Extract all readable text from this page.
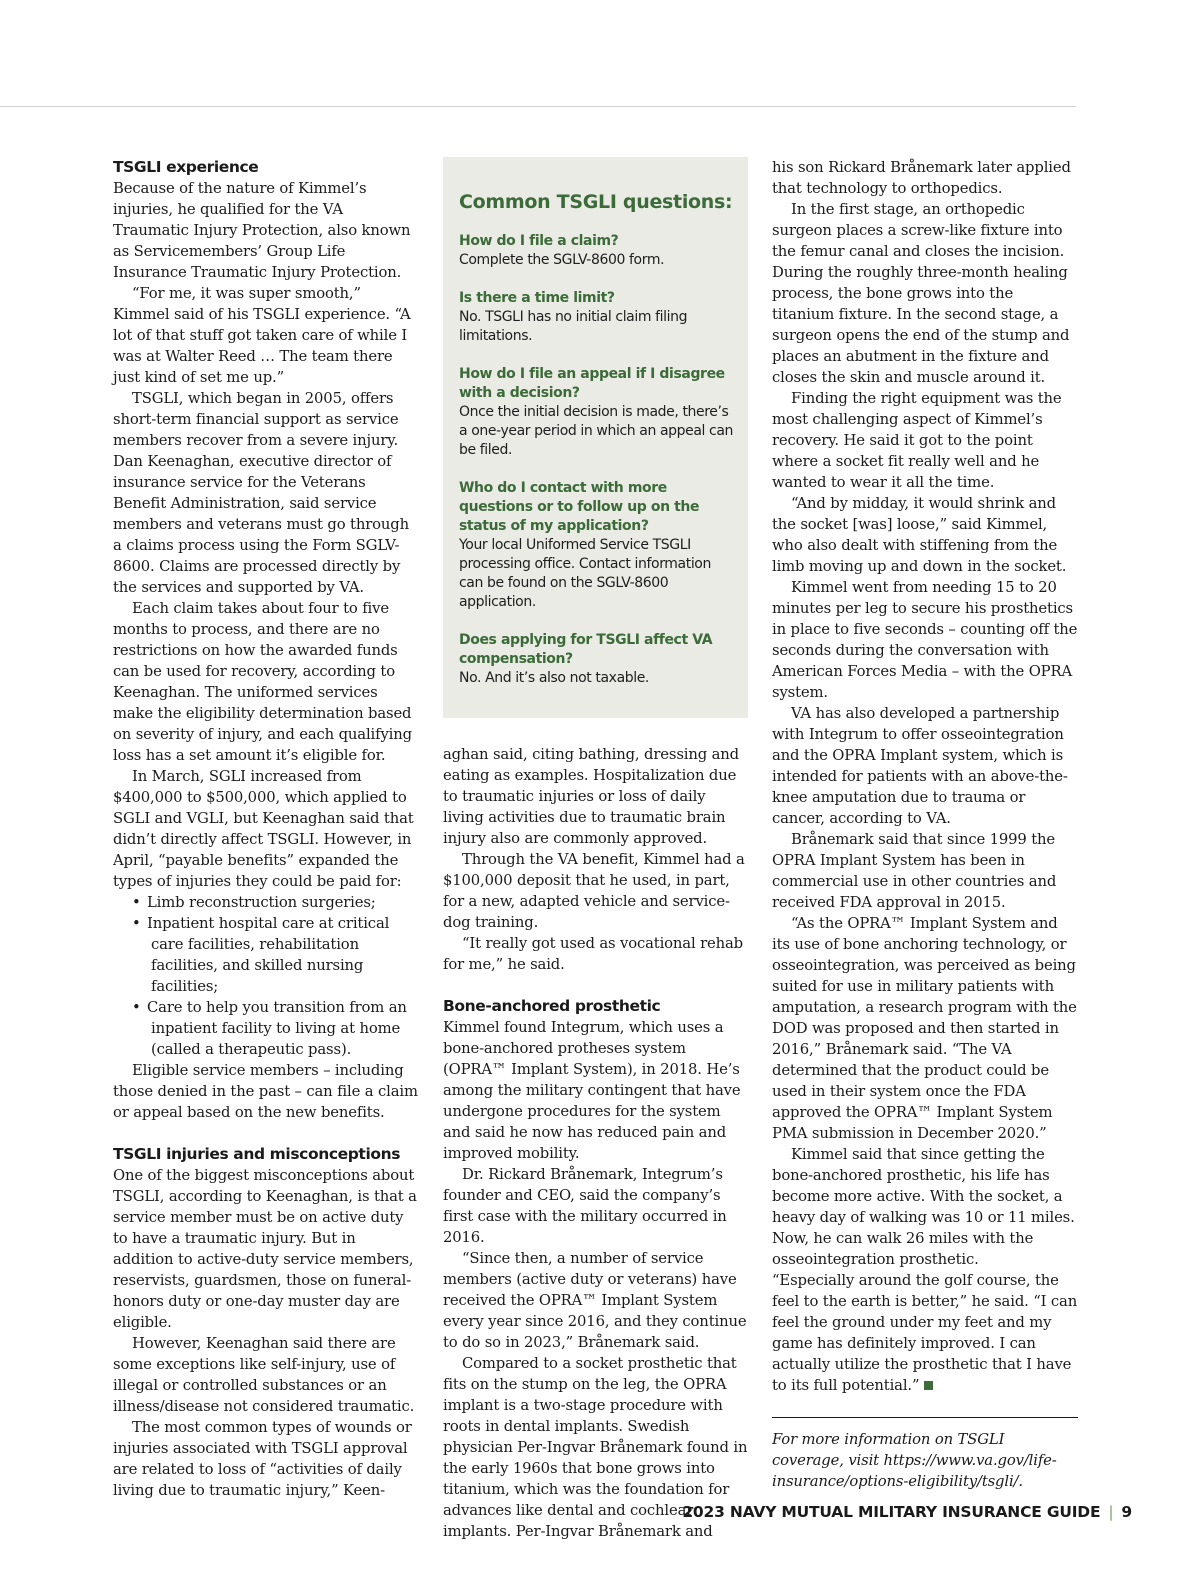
TSGLI experience

Because of the nature of Kimmel’s injuries, he qualified for the VA Traumatic Injury Protection, also known as Servicemembers’ Group Life Insurance Traumatic Injury Protection.

“For me, it was super smooth,” Kimmel said of his TSGLI experience. “A lot of that stuff got taken care of while I was at Walter Reed … The team there just kind of set me up.”

TSGLI, which began in 2005, offers short-term financial support as service members recover from a severe injury. Dan Keenaghan, executive director of insurance service for the Veterans Benefit Administration, said service members and veterans must go through a claims process using the Form SGLV-8600. Claims are processed directly by the services and supported by VA.

Each claim takes about four to five months to process, and there are no restrictions on how the awarded funds can be used for recovery, according to Keenaghan. The uniformed services make the eligibility determination based on severity of injury, and each qualifying loss has a set amount it’s eligible for.

In March, SGLI increased from $400,000 to $500,000, which applied to SGLI and VGLI, but Keenaghan said that didn’t directly affect TSGLI. However, in April, “payable benefits” expanded the types of injuries they could be paid for:

• Limb reconstruction surgeries;
• Inpatient hospital care at critical care facilities, rehabilitation facilities, and skilled nursing facilities;
• Care to help you transition from an inpatient facility to living at home (called a therapeutic pass).

Eligible service members – including those denied in the past – can file a claim or appeal based on the new benefits.

TSGLI injuries and misconceptions

One of the biggest misconceptions about TSGLI, according to Keenaghan, is that a service member must be on active duty to have a traumatic injury. But in addition to active-duty service members, reservists, guardsmen, those on funeral-honors duty or one-day muster day are eligible.

However, Keenaghan said there are some exceptions like self-injury, use of illegal or controlled substances or an illness/disease not considered traumatic.

The most common types of wounds or injuries associated with TSGLI approval are related to loss of “activities of daily living due to traumatic injury,” Keen-

Common TSGLI questions:
How do I file a claim?
Complete the SGLV-8600 form.
Is there a time limit?
No. TSGLI has no initial claim filing limitations.
How do I file an appeal if I disagree with a decision?
Once the initial decision is made, there’s a one-year period in which an appeal can be filed.
Who do I contact with more questions or to follow up on the status of my application?
Your local Uniformed Service TSGLI processing office. Contact information can be found on the SGLV-8600 application.
Does applying for TSGLI affect VA compensation?
No. And it’s also not taxable.

aghan said, citing bathing, dressing and eating as examples. Hospitalization due to traumatic injuries or loss of daily living activities due to traumatic brain injury also are commonly approved.

Through the VA benefit, Kimmel had a $100,000 deposit that he used, in part, for a new, adapted vehicle and service-dog training.

“It really got used as vocational rehab for me,” he said.

Bone-anchored prosthetic

Kimmel found Integrum, which uses a bone-anchored protheses system (OPRA™ Implant System), in 2018. He’s among the military contingent that have undergone procedures for the system and said he now has reduced pain and improved mobility.

Dr. Rickard Brånemark, Integrum’s founder and CEO, said the company’s first case with the military occurred in 2016.

“Since then, a number of service members (active duty or veterans) have received the OPRA™ Implant System every year since 2016, and they continue to do so in 2023,” Brånemark said.

Compared to a socket prosthetic that fits on the stump on the leg, the OPRA implant is a two-stage procedure with roots in dental implants. Swedish physician Per-Ingvar Brånemark found in the early 1960s that bone grows into titanium, which was the foundation for advances like dental and cochlear implants. Per-Ingvar Brånemark and

his son Rickard Brånemark later applied that technology to orthopedics.

In the first stage, an orthopedic surgeon places a screw-like fixture into the femur canal and closes the incision. During the roughly three-month healing process, the bone grows into the titanium fixture. In the second stage, a surgeon opens the end of the stump and places an abutment in the fixture and closes the skin and muscle around it.

Finding the right equipment was the most challenging aspect of Kimmel’s recovery. He said it got to the point where a socket fit really well and he wanted to wear it all the time.

“And by midday, it would shrink and the socket [was] loose,” said Kimmel, who also dealt with stiffening from the limb moving up and down in the socket.

Kimmel went from needing 15 to 20 minutes per leg to secure his prosthetics in place to five seconds – counting off the seconds during the conversation with American Forces Media – with the OPRA system.

VA has also developed a partnership with Integrum to offer osseointegration and the OPRA Implant system, which is intended for patients with an above-the-knee amputation due to trauma or cancer, according to VA.

Brånemark said that since 1999 the OPRA Implant System has been in commercial use in other countries and received FDA approval in 2015.

“As the OPRA™ Implant System and its use of bone anchoring technology, or osseointegration, was perceived as being suited for use in military patients with amputation, a research program with the DOD was proposed and then started in 2016,” Brånemark said. “The VA determined that the product could be used in their system once the FDA approved the OPRA™ Implant System PMA submission in December 2020.”

Kimmel said that since getting the bone-anchored prosthetic, his life has become more active. With the socket, a heavy day of walking was 10 or 11 miles. Now, he can walk 26 miles with the osseointegration prosthetic.

“Especially around the golf course, the feel to the earth is better,” he said. “I can feel the ground under my feet and my game has definitely improved. I can actually utilize the prosthetic that I have to its full potential.”

For more information on TSGLI coverage, visit https://www.va.gov/life-insurance/options-eligibility/tsgli/.

2023 NAVY MUTUAL MILITARY INSURANCE GUIDE | 9
